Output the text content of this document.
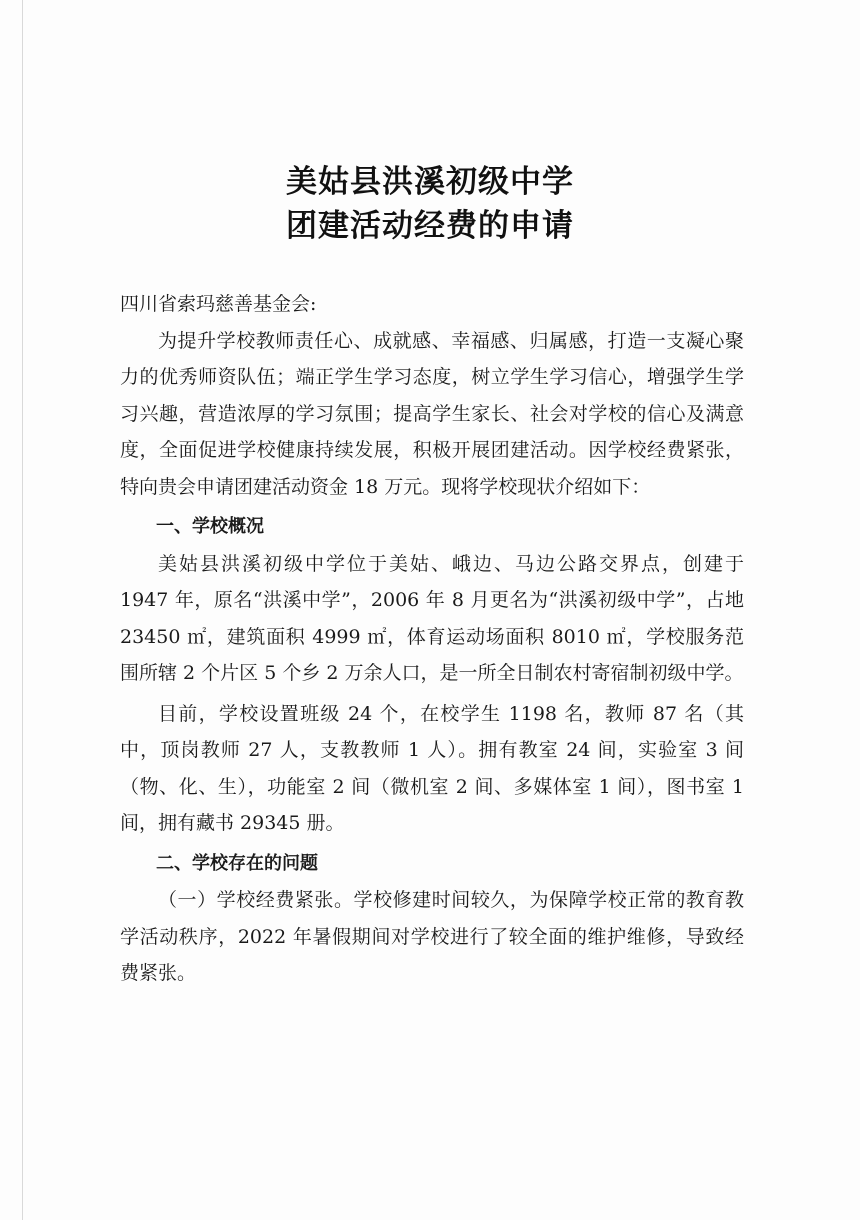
美姑县洪溪初级中学
团建活动经费的申请

四川省索玛慈善基金会:

为提升学校教师责任心、成就感、幸福感、归属感，打造一支凝心聚力的优秀师资队伍；端正学生学习态度，树立学生学习信心，增强学生学习兴趣，营造浓厚的学习氛围；提高学生家长、社会对学校的信心及满意度，全面促进学校健康持续发展，积极开展团建活动。因学校经费紧张，特向贵会申请团建活动资金 18 万元。现将学校现状介绍如下：

一、学校概况

美姑县洪溪初级中学位于美姑、峨边、马边公路交界点，创建于 1947 年，原名“洪溪中学”，2006 年 8 月更名为“洪溪初级中学”，占地 23450 ㎡，建筑面积 4999 ㎡，体育运动场面积 8010 ㎡，学校服务范围所辖 2 个片区 5 个乡 2 万余人口，是一所全日制农村寄宿制初级中学。

目前，学校设置班级 24 个，在校学生 1198 名，教师 87 名（其中，顶岗教师 27 人，支教教师 1 人）。拥有教室 24 间，实验室 3 间（物、化、生），功能室 2 间（微机室 2 间、多媒体室 1 间），图书室 1 间，拥有藏书 29345 册。

二、学校存在的问题

（一）学校经费紧张。学校修建时间较久，为保障学校正常的教育教学活动秩序，2022 年暑假期间对学校进行了较全面的维护维修，导致经费紧张。
